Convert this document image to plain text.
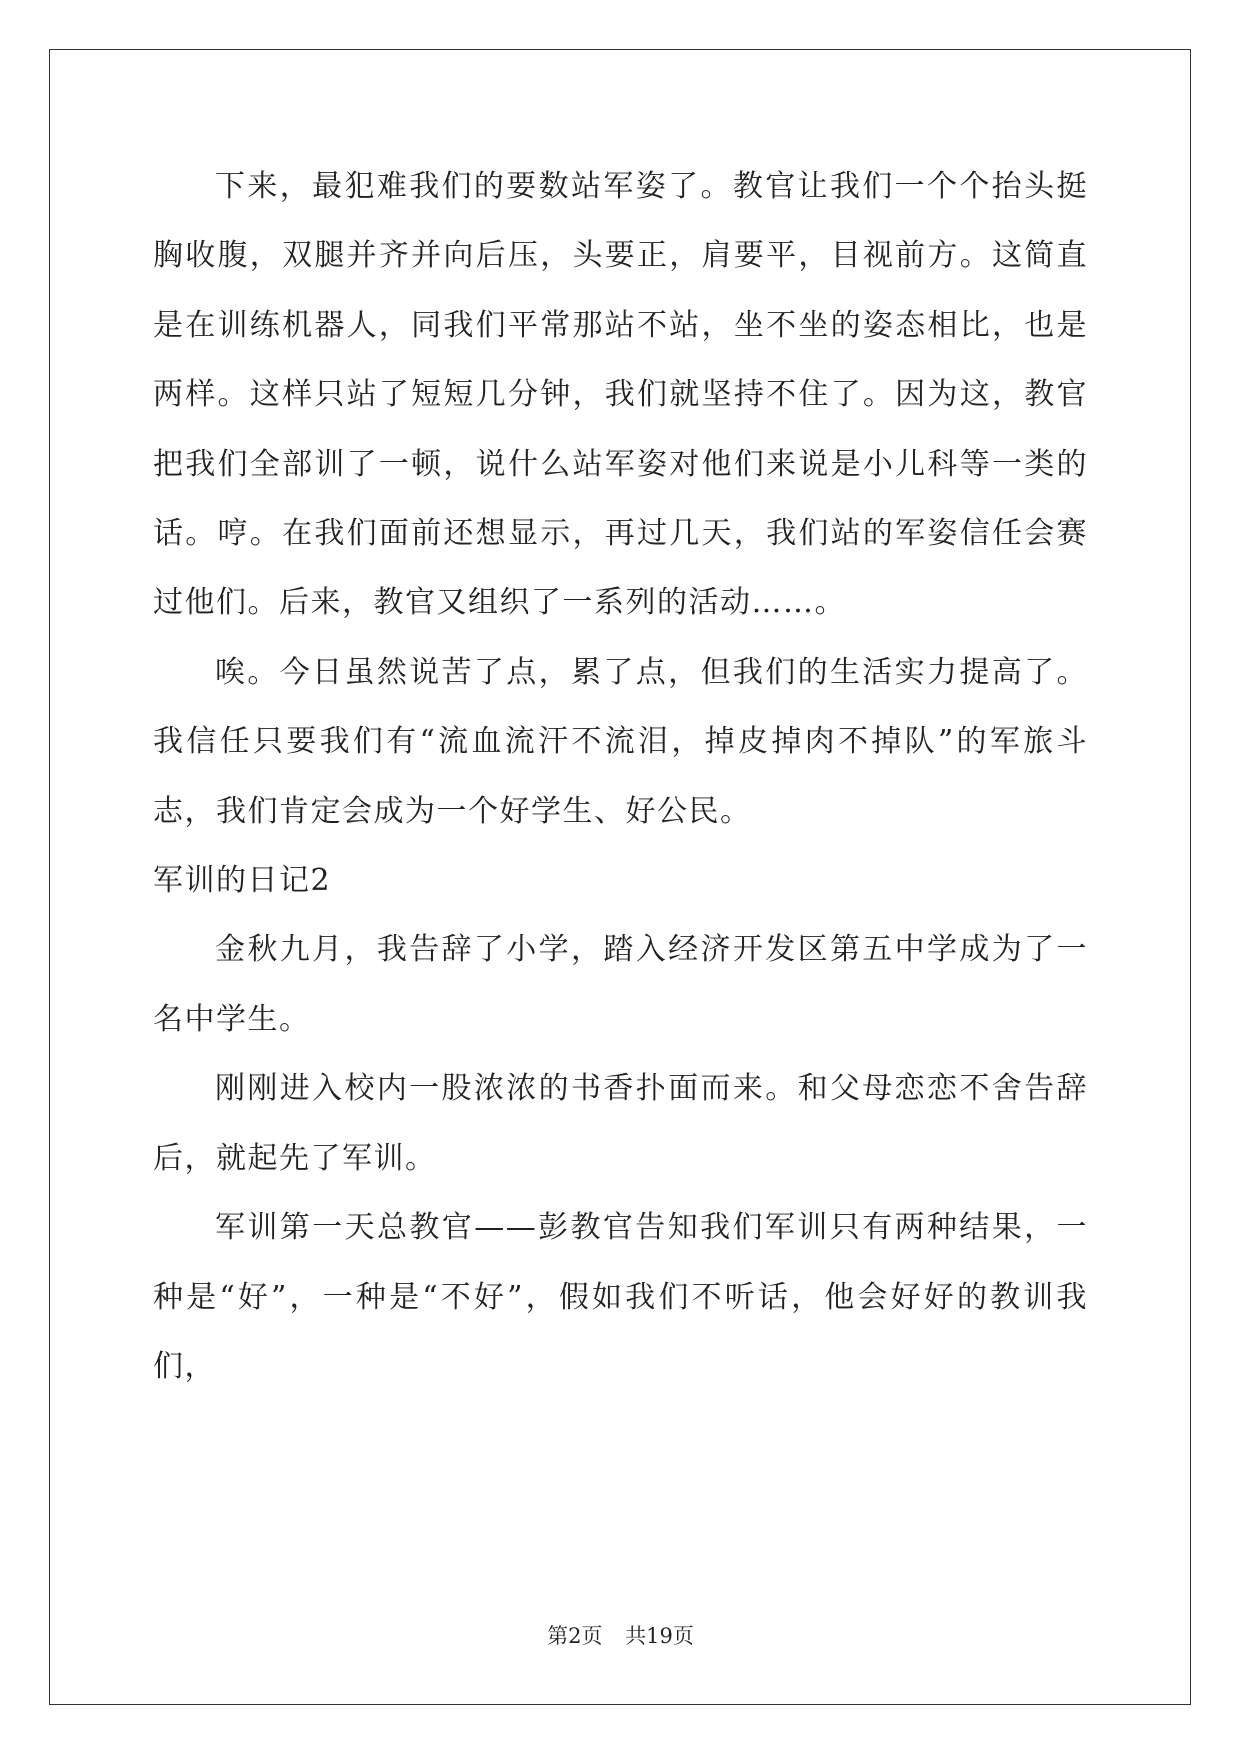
下来，最犯难我们的要数站军姿了。教官让我们一个个抬头挺胸收腹，双腿并齐并向后压，头要正，肩要平，目视前方。这简直是在训练机器人，同我们平常那站不站，坐不坐的姿态相比，也是两样。这样只站了短短几分钟，我们就坚持不住了。因为这，教官把我们全部训了一顿，说什么站军姿对他们来说是小儿科等一类的话。哼。在我们面前还想显示，再过几天，我们站的军姿信任会赛过他们。后来，教官又组织了一系列的活动……。

唉。今日虽然说苦了点，累了点，但我们的生活实力提高了。我信任只要我们有“流血流汗不流泪，掉皮掉肉不掉队”的军旅斗志，我们肯定会成为一个好学生、好公民。

军训的日记2

金秋九月，我告辞了小学，踏入经济开发区第五中学成为了一名中学生。

刚刚进入校内一股浓浓的书香扑面而来。和父母恋恋不舍告辞后，就起先了军训。

军训第一天总教官——彭教官告知我们军训只有两种结果，一种是“好”，一种是“不好”，假如我们不听话，他会好好的教训我们，

第2页 共19页
